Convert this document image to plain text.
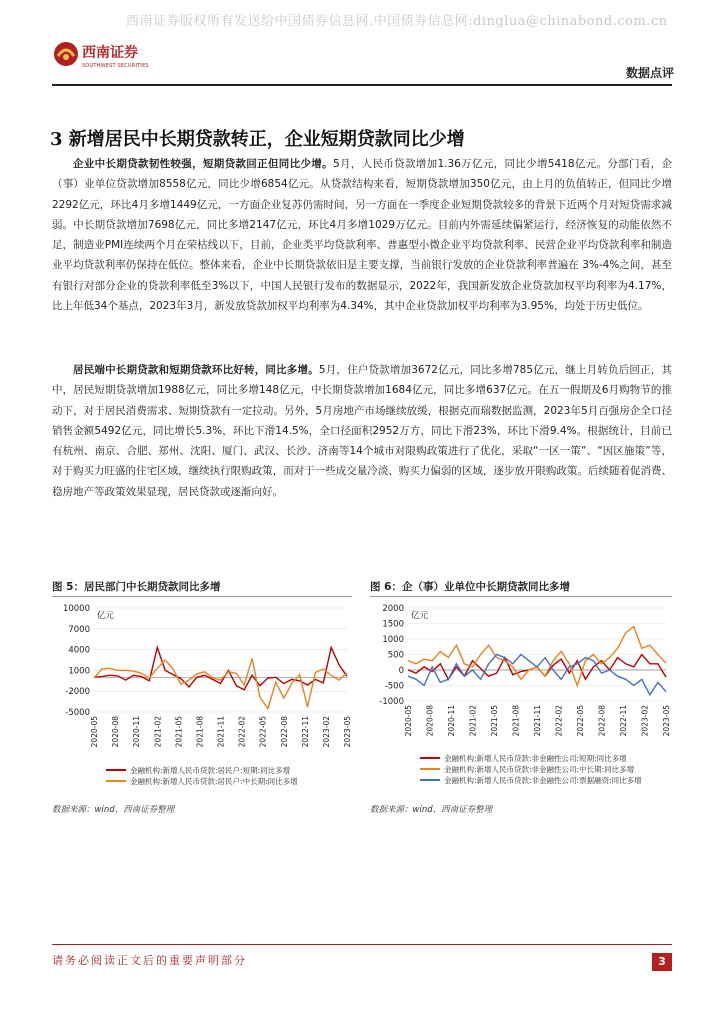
西南证券版权所有发送给中国债券信息网.中国债券信息网:dinglua@chinabond.com.cn
西南证券
SOUTHWEST SECURITIES	数据点评
3 新增居民中长期贷款转正，企业短期贷款同比少增
企业中长期贷款韧性较强，短期贷款回正但同比少增。5月，人民币贷款增加1.36万亿元，同比少增5418亿元。分部门看，企（事）业单位贷款增加8558亿元，同比少增6854亿元。从贷款结构来看，短期贷款增加350亿元，由上月的负值转正，但同比少增2292亿元，环比4月多增1449亿元，一方面企业复苏仍需时间，另一方面在一季度企业短期贷款较多的背景下近两个月对短贷需求减弱。中长期贷款增加7698亿元，同比多增2147亿元，环比4月多增1029万亿元。目前内外需延续偏紧运行，经济恢复的动能依然不足，制造业PMI连续两个月在荣枯线以下，目前，企业类平均贷款利率、普惠型小微企业平均贷款利率、民营企业平均贷款利率和制造业平均贷款利率仍保持在低位。整体来看，企业中长期贷款依旧是主要支撑，当前银行发放的企业贷款利率普遍在 3%-4%之间，甚至有银行对部分企业的贷款利率低至3%以下，中国人民银行发布的数据显示，2022年，我国新发放企业贷款加权平均利率为4.17%，比上年低34个基点，2023年3月，新发放贷款加权平均利率为4.34%，其中企业贷款加权平均利率为3.95%，均处于历史低位。
居民端中长期贷款和短期贷款环比好转，同比多增。5月，住户贷款增加3672亿元，同比多增785亿元，继上月转负后回正，其中，居民短期贷款增加1988亿元，同比多增148亿元，中长期贷款增加1684亿元，同比多增637亿元。在五一假期及6月购物节的推动下，对于居民消费需求、短期贷款有一定拉动。另外，5月房地产市场继续放缓，根据克而瑞数据监测，2023年5月百强房企全口径销售金额5492亿元，同比增长5.3%，环比下滑14.5%，全口径面积2952万方，同比下滑23%，环比下滑9.4%。根据统计，目前已有杭州、南京、合肥、郑州、沈阳、厦门、武汉、长沙、济南等14个城市对限购政策进行了优化，采取“一区一策”、“因区施策”等，对于购买力旺盛的住宅区域，继续执行限购政策，而对于一些成交量冷淡、购买力偏弱的区域，逐步放开限购政策。后续随着促消费、稳房地产等政策效果显现，居民贷款或逐渐向好。
图 5：居民部门中长期贷款同比多增
10000
7000
4000
1000
-2000
-5000
亿元
2020-05 2020-08 2020-11 2021-02 2021-05 2021-08 2021-11 2022-02 2022-05 2022-08 2022-11 2023-02 2023-05
金融机构:新增人民币贷款:居民户:短期:同比多增
金融机构:新增人民币贷款:居民户:中长期:同比多增
数据来源：wind、西南证券整理
图 6：企（事）业单位中长期贷款同比多增
2000
1500
1000
500
0
-500
-1000
亿元
2020-05 2020-08 2020-11 2021-02 2021-05 2021-08 2021-11 2022-02 2022-05 2022-08 2022-11 2023-02 2023-05
金融机构:新增人民币贷款:非金融性公司:短期:同比多增
金融机构:新增人民币贷款:非金融性公司:中长期:同比多增
金融机构:新增人民币贷款:非金融性公司:票据融资:同比多增
数据来源：wind、西南证券整理
请务必阅读正文后的重要声明部分	3
